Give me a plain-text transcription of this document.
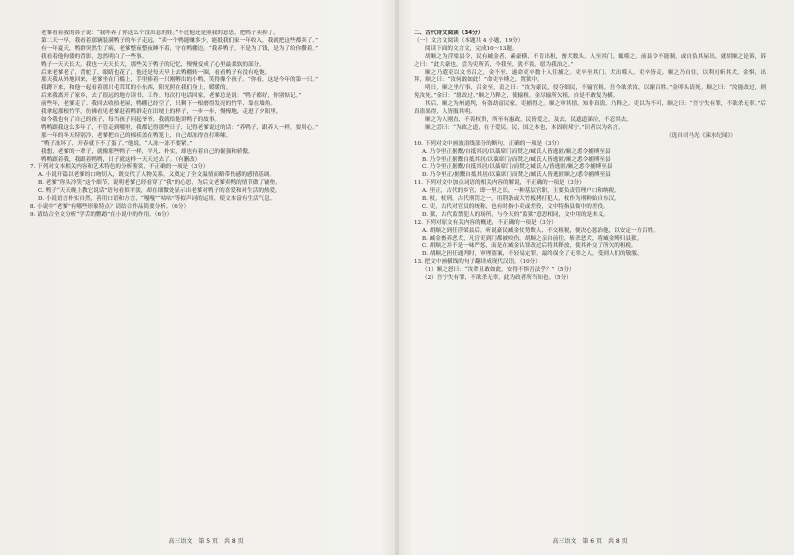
老爹看着我的鼻子说：“我咋养了你这么个没出息的娃。”不过他还是照我的意思，把鸭子卖掉了。

第二天一早，我看着那辆装满鸭子的车子走远，“卖一个鸭能赚多少，能抵我们家一年收入，我就把这些都卖了。”

有一年夏天，鸭群突然生了病，老爹整夜整夜睡不着，守在鸭棚边。“我养鸭子，不是为了钱，是为了给你攒着。”

我看着他佝偻的背影，忽然明白了一些事。

鸭子一天天长大，我也一天天长大，那些关于鸭子的记忆，慢慢变成了心里最柔软的部分。

后来老爹老了，背驼了，眼睛也花了，他还是每天早上去鸭棚转一圈，看看鸭子有没有吃饱。

那天我从外地回来，老爹坐在门槛上，手里捧着一只刚孵出的小鸭，笑得像个孩子。“你看，这是今年的第一只。”

我蹲下来，和他一起看着那只毛茸茸的小东西，阳光照在我们身上，暖暖的。

后来我离开了家乡，去了很远的地方读书、工作。每次打电话回家，老爹总是说：“鸭子都好，你别惦记。”

前些年，老爹走了。我回去收拾老屋，鸭棚已经空了，只剩下一根磨得发亮的竹竿，靠在墙角。

我拿起那根竹竿，仿佛看见老爹赶着鸭群走在田埂上的样子，一步一步，慢慢地，走进了夕阳里。

如今我也有了自己的孩子，每当孩子问起爷爷，我就给他讲鸭子的故事。

鸭鸭跟我这么多年了，不管走到哪里，我都记得那些日子，记得老爹说过的话：“养鸭子，跟养人一样，要用心。”

那一年的冬天特别冷，老爹把自己的棉袄盖在鸭笼上，自己却冻得直打哆嗦。

“鸭子冻坏了，开春就下不了蛋了。”他说，“人冻一冻不要紧。”

我想，老爹的一辈子，就像那些鸭子一样，平凡、朴实，却也有着自己的倔强和骄傲。

鸭鸭跟着我，我跟着鸭鸭，日子就这样一天天过去了。（有删改）

7. 下列对文本相关内容和艺术特色的分析鉴赏，不正确的一项是（3分）

A. 小说开篇以老爹的口吻切入，既交代了人物关系，又奠定了全文温情而略带伤感的感情基调。

B. 老爹“你头冷笑”这个细节，说明老爹已经看穿了“我”的心思，为后文老爹卖鸭的情节做了铺垫。

C. 鸭子“天天晚上教它说话”语句看似平淡，却在细微处显示出老爹对鸭子的喜爱和对生活的热爱。

D. 小说语言朴实自然，善用口语和方言，“嘎嘎”“咕咕”等拟声词的运用，使文本富有生活气息。

8. 小说中“老爹”有哪些形象特点？请结合作品简要分析。（6分）

9. 请结合全文分析“学舌的鹦鹉”在小说中的作用。（6分）

二、古代诗文阅读（34分）

（一）文言文阅读（本题共 4 小题，19分）

阅读下面的文言文，完成10～13题。

胡顺之为浮梁县令，民有臧金者，素豪横，不肯出租，畜犬数头，人至其门，辄噬之。前县令不能制，或自负其屋出，就胡顺之论诉，诉之曰：“此大豪也，尝为吏所苦，今我至，犹不畏，愿为我治之。”

顺之乃遣吏以文书召之，金不至，遂命吏卒数十人往捕之。吏卒至其门，犬出噬人，吏卒皆走。顺之乃自往，以利刃斩其犬，金惧，出拜，顺之曰：“汝何敢如此！”命吏卒缚之，置狱中。

明日，顺之坐厅事，召金至，责之曰：“汝为豪民，侵夺细民，不输官租，吾今欲杀汝，以谢百姓。”金叩头请死。顺之曰：“汝能改过，则免汝死。”金曰：“愿改过。”顺之乃释之，使输租。金尽输所欠租，自是不敢复为横。

其后，顺之为州通判，有盗劫富民家，吏捕得之。顺之审其情，知非真盗，乃释之。吏以为不可，顺之曰：“吾宁失有罪，不欲杀无辜。”后真盗果得，人皆服其明。

顺之为人刚直，不畏权贵，所至有惠政，民皆爱之，及去，民遮道涕泣，不忍其去。

顺之尝曰：“为政之道，在于爱民。民，国之本也，本固则邦宁。”识者以为名言。

（选自司马光《涑水纪闻》）

10. 下列对文中画波浪线部分的断句，正确的一项是（3分）

A. 乃令里正据鬻/自抵其居/以藁席门而焚之/臧氏人皆逃匿/顺之悉令捕缚至县

B. 乃令里正据鬻自抵其居/以藁席门/而焚之/臧氏人皆逃匿/顺之悉令捕缚至县

C. 乃令里正据鬻/自抵其居/以藁席门/而焚之臧氏人/皆逃匿/顺之悉令捕缚至县

D. 乃令里正/据鬻自抵其居/以藁席门而焚之/臧氏人皆逃匿顺之/悉令捕缚至县

11. 下列对文中加点词语的相关内容的解说，不正确的一项是（3分）

A. 里正，古代的乡官，即一里之长，一种基层官职，主要负责管理户口和纳税。

B. 杖，杖刑，古代刑罚之一，用荆条或大竹板拷打犯人，杖作为刑种始自东汉。

C. 吏，古代对官员的统称，也有时指小吏或差役，文中特指县衙中的差役。

D. 狱，古代监禁犯人的场所，与今天的“监狱”意思相同，文中用的是本义。

12. 下列对原文有关内容的概述，不正确的一项是（3分）

A. 胡顺之到任浮梁县后，听说豪民臧金仗势欺人、不交租税，便决心惩治他，以安定一方百姓。

B. 臧金畜养恶犬，凡官吏到门都被咬伤，胡顺之亲自前往，斩杀恶犬，将臧金缚归县狱。

C. 胡顺之并不是一味严惩，而是在臧金认罪改过后将其释放，使其补交了所欠的租税。

D. 胡顺之担任通判时，审理盗案，不轻易定罪，最终保全了无辜之人，受到人们的敬服。

13. 把文中画横线的句子翻译成现代汉语。（10分）

（1）顺之怒曰：“汝辈且敢如此，安得不惧吾法乎？”（5分）

（2）吾宁失有罪，不欲杀无辜，此为政者所当知也。（5分）

高三语文　第 5 页　共 8 页	高三语文　第 6 页　共 8 页
